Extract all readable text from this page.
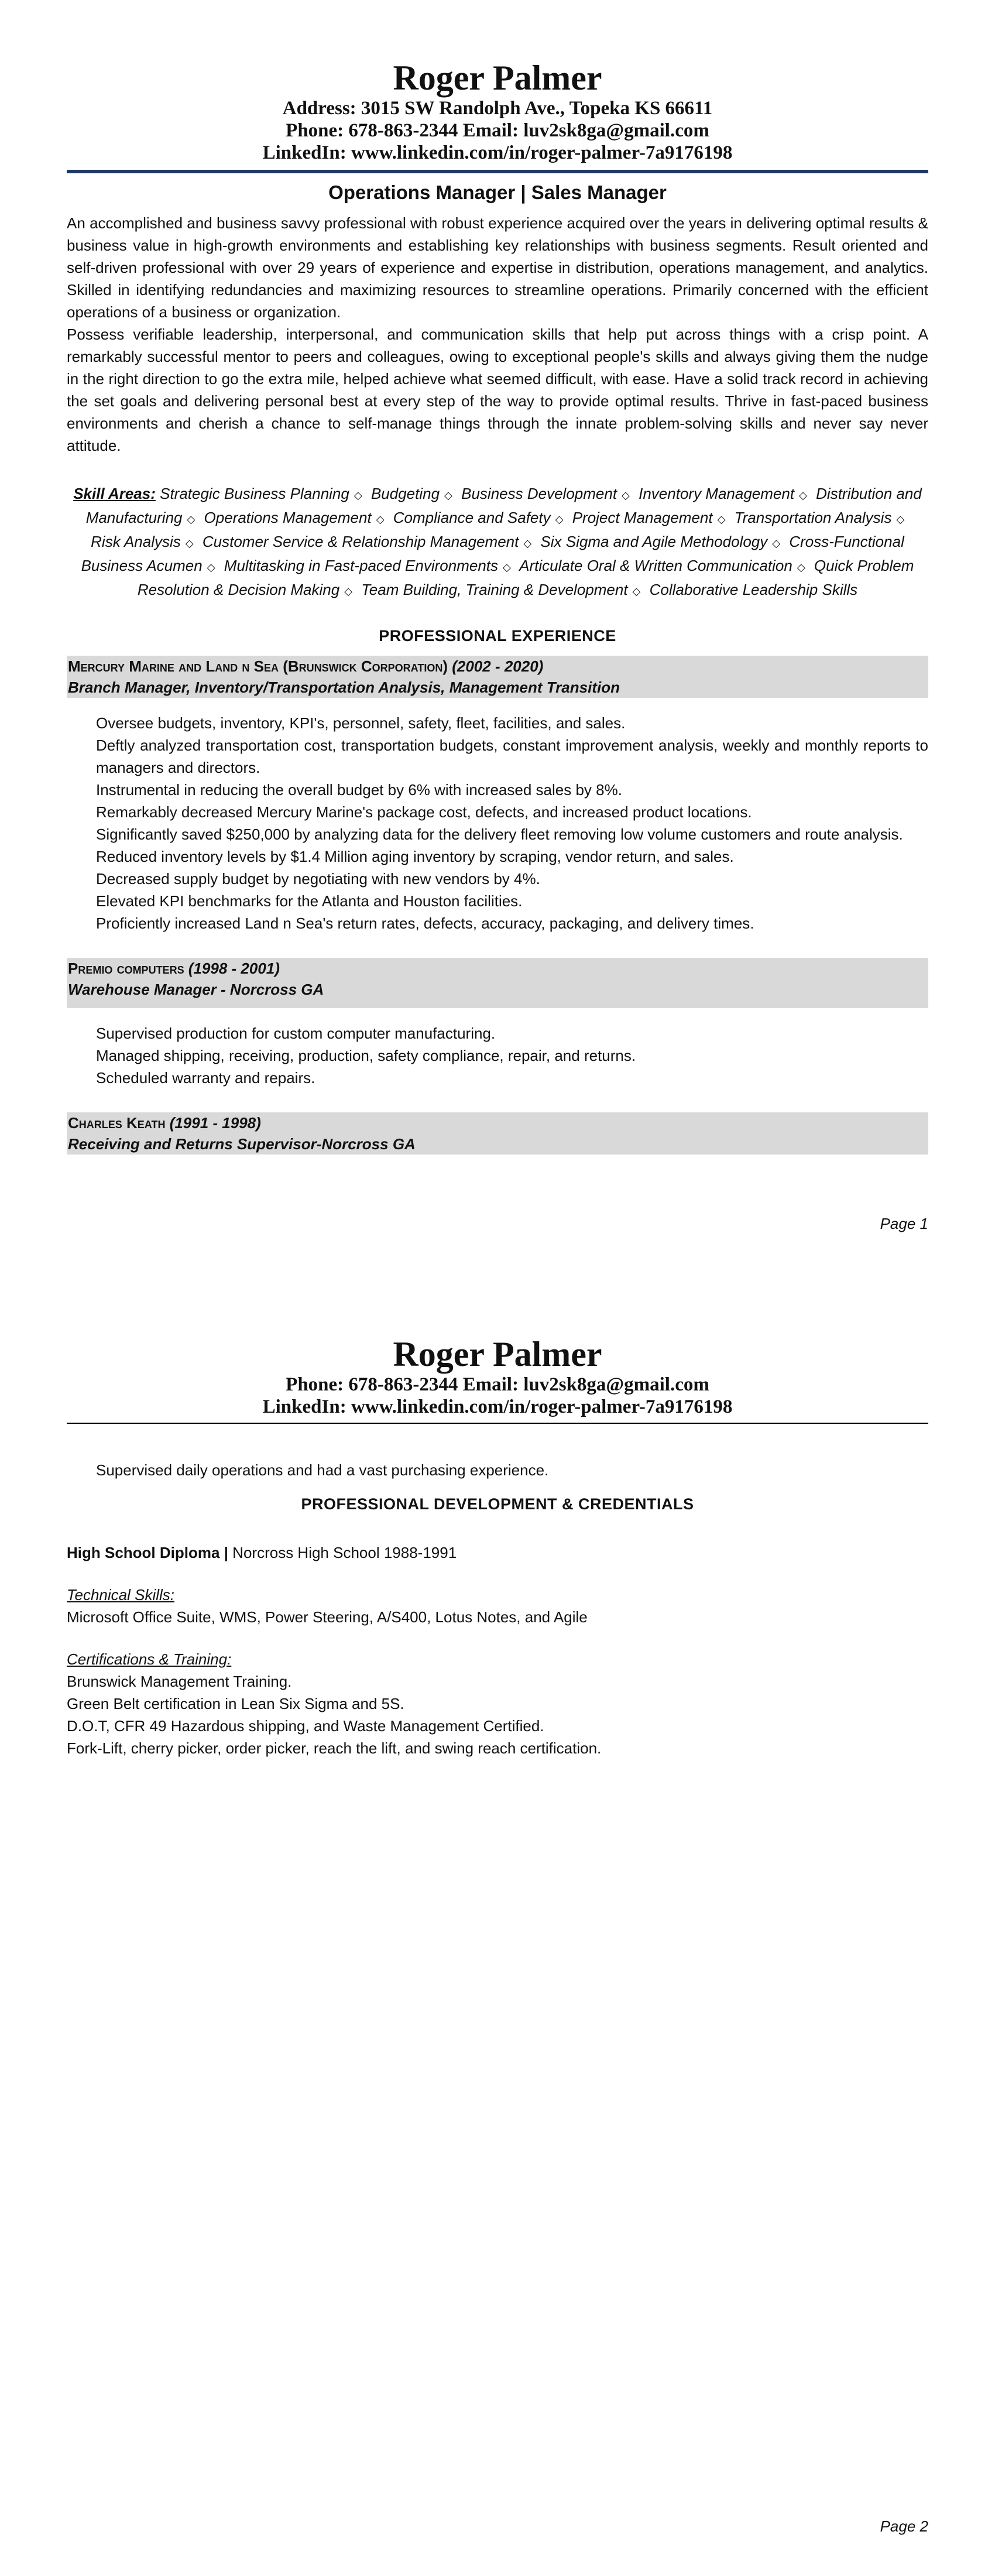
Roger Palmer

Address: 3015 SW Randolph Ave., Topeka KS 66611

Phone: 678-863-2344 Email: luv2sk8ga@gmail.com

LinkedIn: www.linkedin.com/in/roger-palmer-7a9176198

Operations Manager | Sales Manager

An accomplished and business savvy professional with robust experience acquired over the years in delivering optimal results & business value in high-growth environments and establishing key relationships with business segments. Result oriented and self-driven professional with over 29 years of experience and expertise in distribution, operations management, and analytics. Skilled in identifying redundancies and maximizing resources to streamline operations. Primarily concerned with the efficient operations of a business or organization.

Possess verifiable leadership, interpersonal, and communication skills that help put across things with a crisp point. A remarkably successful mentor to peers and colleagues, owing to exceptional people's skills and always giving them the nudge in the right direction to go the extra mile, helped achieve what seemed difficult, with ease. Have a solid track record in achieving the set goals and delivering personal best at every step of the way to provide optimal results. Thrive in fast-paced business environments and cherish a chance to self-manage things through the innate problem-solving skills and never say never attitude.

Skill Areas: Strategic Business Planning ◇ Budgeting ◇ Business Development ◇ Inventory Management ◇ Distribution and Manufacturing ◇ Operations Management ◇ Compliance and Safety ◇ Project Management ◇ Transportation Analysis ◇ Risk Analysis ◇ Customer Service & Relationship Management ◇ Six Sigma and Agile Methodology ◇ Cross-Functional Business Acumen ◇ Multitasking in Fast-paced Environments ◇ Articulate Oral & Written Communication ◇ Quick Problem Resolution & Decision Making ◇ Team Building, Training & Development ◇ Collaborative Leadership Skills
PROFESSIONAL EXPERIENCE
Mercury Marine and Land n Sea (Brunswick Corporation) (2002 - 2020)
Branch Manager, Inventory/Transportation Analysis, Management Transition
Oversee budgets, inventory, KPI's, personnel, safety, fleet, facilities, and sales.
Deftly analyzed transportation cost, transportation budgets, constant improvement analysis, weekly and monthly reports to managers and directors.
Instrumental in reducing the overall budget by 6% with increased sales by 8%.
Remarkably decreased Mercury Marine's package cost, defects, and increased product locations.
Significantly saved $250,000 by analyzing data for the delivery fleet removing low volume customers and route analysis.
Reduced inventory levels by $1.4 Million aging inventory by scraping, vendor return, and sales.
Decreased supply budget by negotiating with new vendors by 4%.
Elevated KPI benchmarks for the Atlanta and Houston facilities.
Proficiently increased Land n Sea's return rates, defects, accuracy, packaging, and delivery times.
Premio computers (1998 - 2001)
Warehouse Manager - Norcross GA
Supervised production for custom computer manufacturing.
Managed shipping, receiving, production, safety compliance, repair, and returns.
Scheduled warranty and repairs.
Charles Keath (1991 - 1998)
Receiving and Returns Supervisor-Norcross GA
Page 1
Roger Palmer

Phone: 678-863-2344 Email: luv2sk8ga@gmail.com

LinkedIn: www.linkedin.com/in/roger-palmer-7a9176198

Supervised daily operations and had a vast purchasing experience.
PROFESSIONAL DEVELOPMENT & CREDENTIALS

High School Diploma | Norcross High School 1988-1991

Technical Skills:

Microsoft Office Suite, WMS, Power Steering, A/S400, Lotus Notes, and Agile

Certifications & Training:

Brunswick Management Training.

Green Belt certification in Lean Six Sigma and 5S.

D.O.T, CFR 49 Hazardous shipping, and Waste Management Certified.

Fork-Lift, cherry picker, order picker, reach the lift, and swing reach certification.

Page 2
